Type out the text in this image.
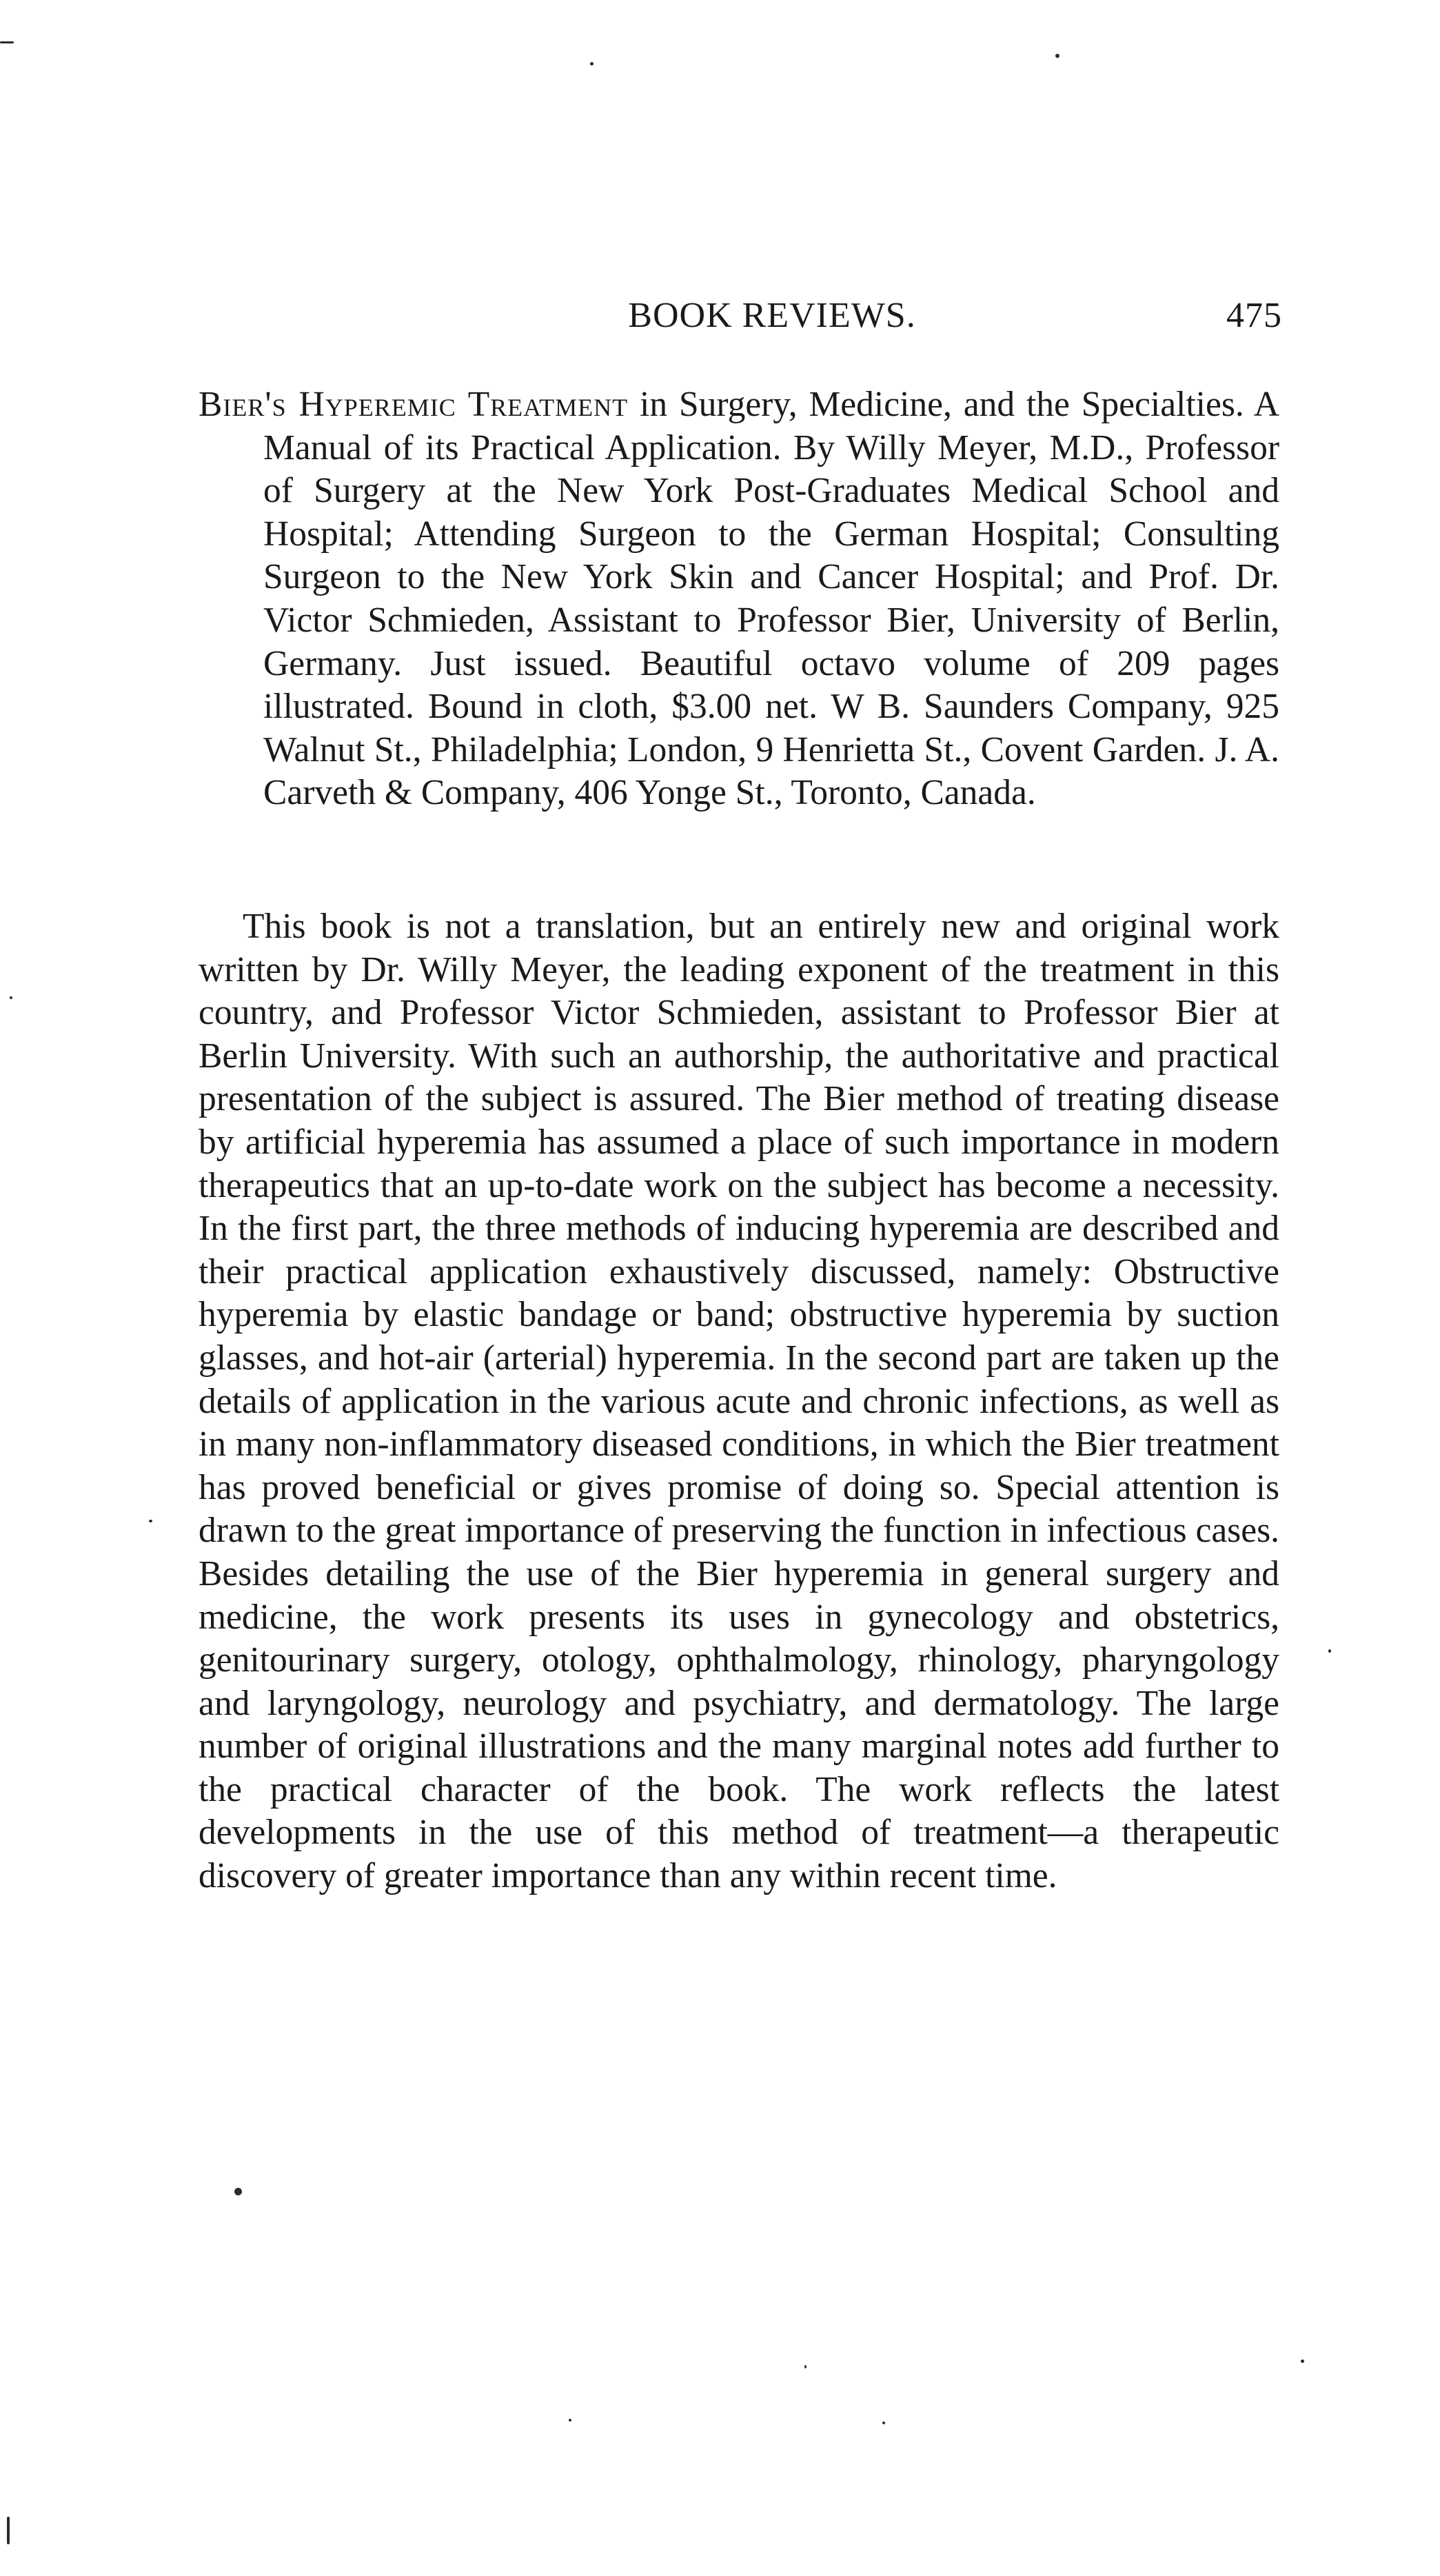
BOOK REVIEWS.	475
Bier's Hyperemic Treatment in Surgery, Medicine, and the Specialties. A Manual of its Practical Application. By Willy Meyer, M.D., Professor of Surgery at the New York Post-Graduates Medical School and Hospital; Attending Surgeon to the German Hospital; Consulting Surgeon to the New York Skin and Cancer Hospital; and Prof. Dr. Victor Schmieden, Assistant to Professor Bier, University of Berlin, Germany. Just issued. Beautiful octavo volume of 209 pages illustrated. Bound in cloth, $3.00 net. W B. Saunders Company, 925 Walnut St., Philadelphia; London, 9 Henrietta St., Covent Garden. J. A. Carveth & Company, 406 Yonge St., Toronto, Canada.

This book is not a translation, but an entirely new and original work written by Dr. Willy Meyer, the leading exponent of the treatment in this country, and Professor Victor Schmieden, assistant to Professor Bier at Berlin University. With such an authorship, the authoritative and practical presentation of the subject is assured. The Bier method of treating disease by artificial hyperemia has assumed a place of such importance in modern therapeutics that an up-to-date work on the subject has become a necessity. In the first part, the three methods of inducing hyperemia are described and their practical application exhaustively discussed, namely: Obstructive hyperemia by elastic bandage or band; obstructive hyperemia by suction glasses, and hot-air (arterial) hyperemia. In the second part are taken up the details of application in the various acute and chronic infections, as well as in many non-inflammatory diseased conditions, in which the Bier treatment has proved beneficial or gives promise of doing so. Special attention is drawn to the great importance of preserving the function in infectious cases. Besides detailing the use of the Bier hyperemia in general surgery and medicine, the work presents its uses in gynecology and obstetrics, genitourinary surgery, otology, ophthalmology, rhinology, pharyngology and laryngology, neurology and psychiatry, and dermatology. The large number of original illustrations and the many marginal notes add further to the practical character of the book. The work reflects the latest developments in the use of this method of treatment—a therapeutic discovery of greater importance than any within recent time.
